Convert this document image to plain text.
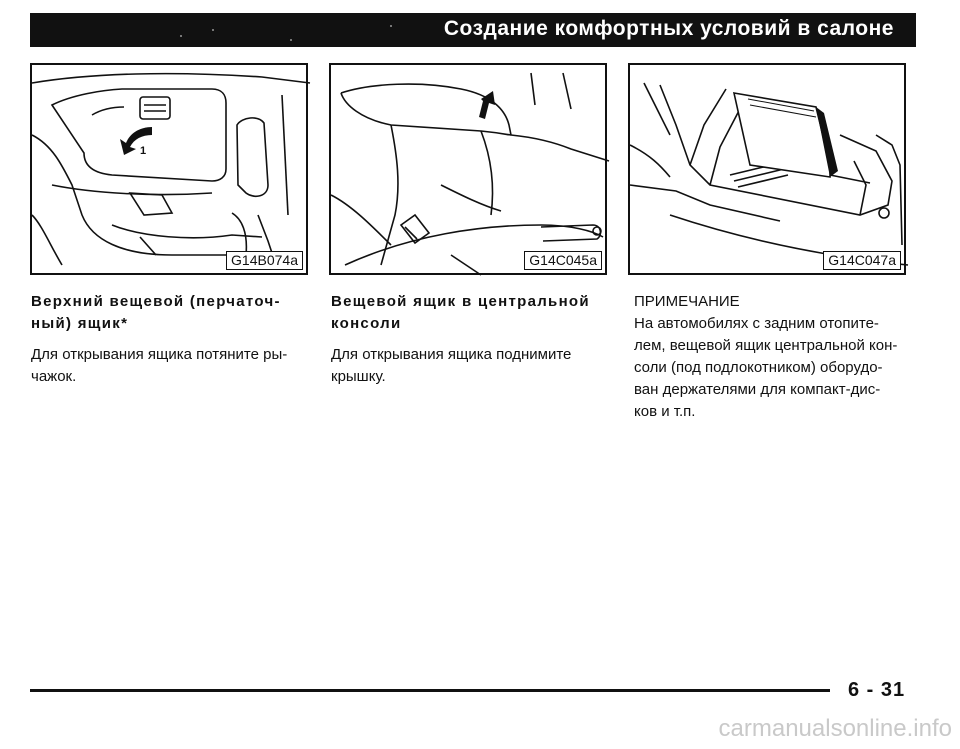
Создание комфортных условий в салоне
1
G14B074a	G14C045a	G14C047a
Верхний вещевой (перчаточ-
ный) ящик*

Для открывания ящика потяните ры-
чажок.

Вещевой ящик в центральной
консоли

Для открывания ящика поднимите
крышку.

ПРИМЕЧАНИЕ
На автомобилях с задним отопите-
лем, вещевой ящик центральной кон-
соли (под подлокотником) оборудо-
ван держателями для компакт-дис-
ков и т.п.
6 - 31
carmanualsonline.info
